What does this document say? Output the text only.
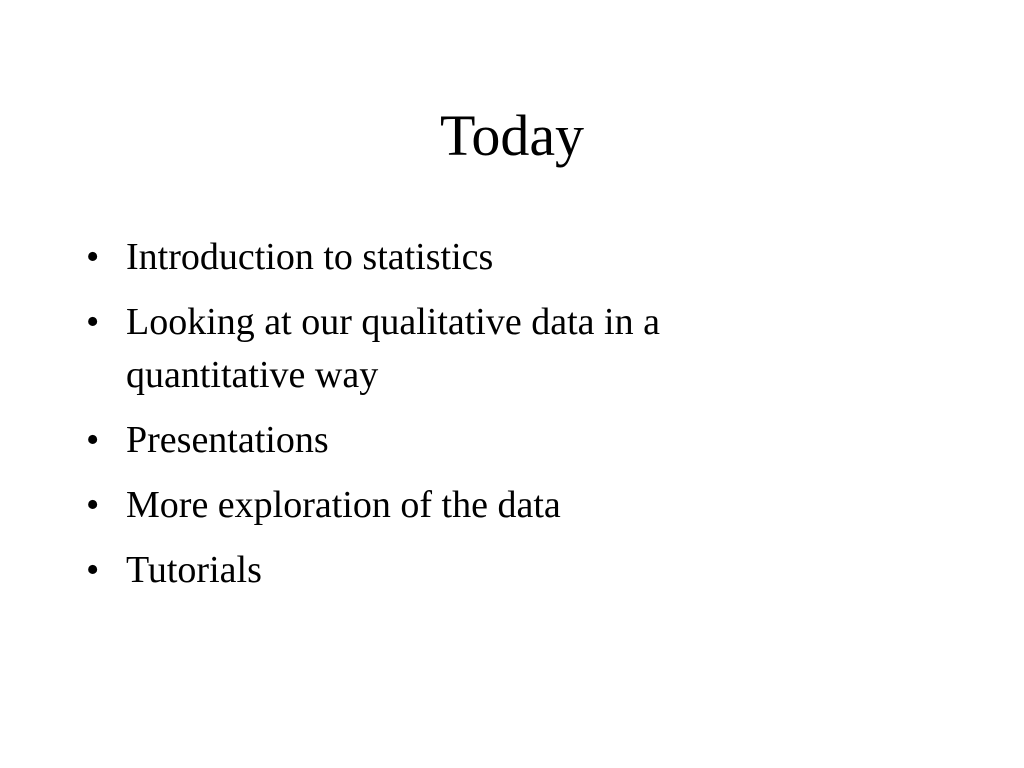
Today
• Introduction to statistics
• Looking at our qualitative data in a quantitative way
• Presentations
• More exploration of the data
• Tutorials
